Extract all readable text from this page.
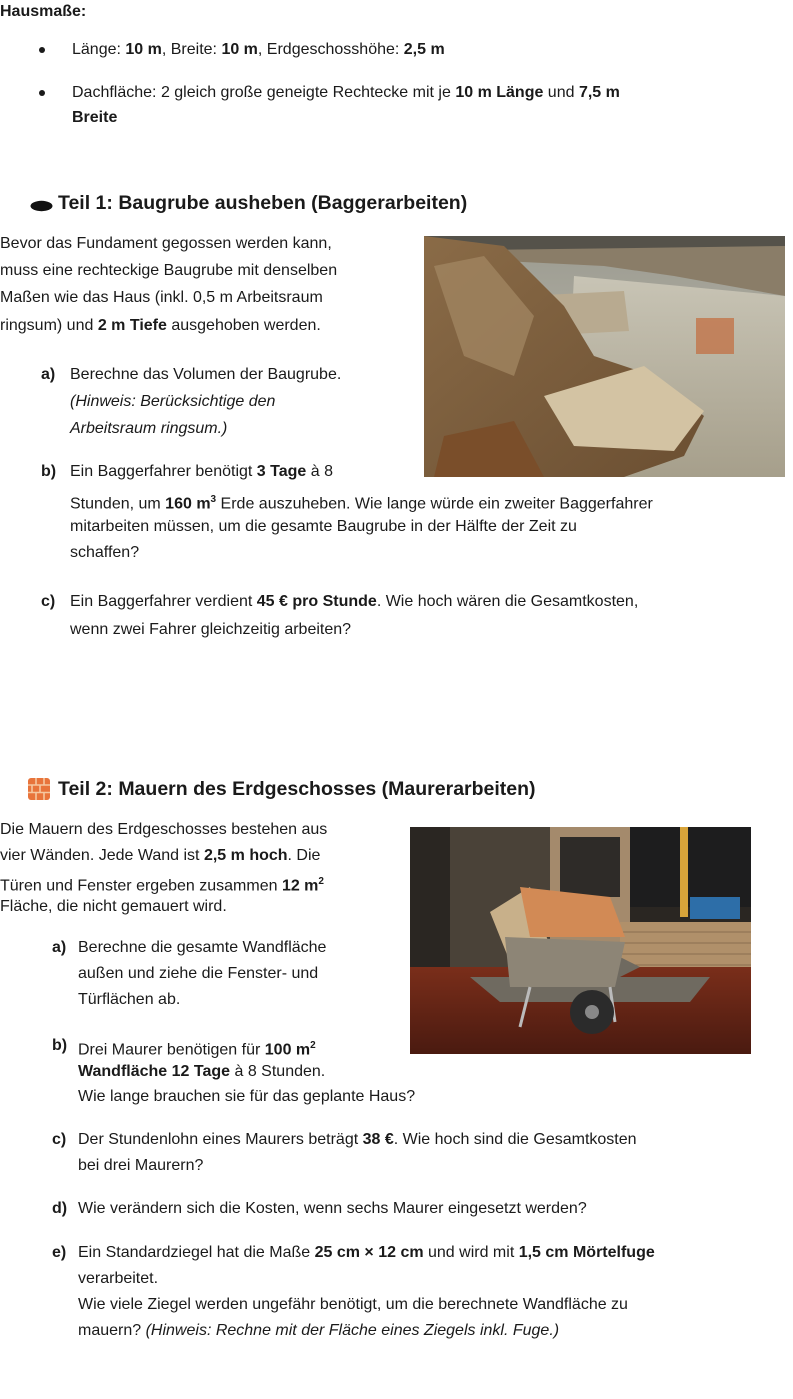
Hausmaße:
Länge: 10 m, Breite: 10 m, Erdgeschosshöhe: 2,5 m
Dachfläche: 2 gleich große geneigte Rechtecke mit je 10 m Länge und 7,5 m
Breite
Teil 1: Baugrube ausheben (Baggerarbeiten)
Bevor das Fundament gegossen werden kann,
muss eine rechteckige Baugrube mit denselben
Maßen wie das Haus (inkl. 0,5 m Arbeitsraum
ringsum) und 2 m Tiefe ausgehoben werden.
a) Berechne das Volumen der Baugrube.
(Hinweis: Berücksichtige den
Arbeitsraum ringsum.)
b) Ein Baggerfahrer benötigt 3 Tage à 8
Stunden, um 160 $m^3$ Erde auszuheben. Wie lange würde ein zweiter Baggerfahrer
mitarbeiten müssen, um die gesamte Baugrube in der Hälfte der Zeit zu
schaffen?
c) Ein Baggerfahrer verdient 45 € pro Stunde. Wie hoch wären die Gesamtkosten,
wenn zwei Fahrer gleichzeitig arbeiten?
Teil 2: Mauern des Erdgeschosses (Maurerarbeiten)
Die Mauern des Erdgeschosses bestehen aus
vier Wänden. Jede Wand ist 2,5 m hoch. Die
Türen und Fenster ergeben zusammen 12 $m^2$
Fläche, die nicht gemauert wird.
a) Berechne die gesamte Wandfläche
außen und ziehe die Fenster- und
Türflächen ab.
b) Drei Maurer benötigen für 100 $m^2$
Wandfläche 12 Tage à 8 Stunden.
Wie lange brauchen sie für das geplante Haus?
c) Der Stundenlohn eines Maurers beträgt 38 €. Wie hoch sind die Gesamtkosten
bei drei Maurern?
d) Wie verändern sich die Kosten, wenn sechs Maurer eingesetzt werden?
e) Ein Standardziegel hat die Maße 25 cm × 12 cm und wird mit 1,5 cm Mörtelfuge
verarbeitet.
Wie viele Ziegel werden ungefähr benötigt, um die berechnete Wandfläche zu
mauern? (Hinweis: Rechne mit der Fläche eines Ziegels inkl. Fuge.)
